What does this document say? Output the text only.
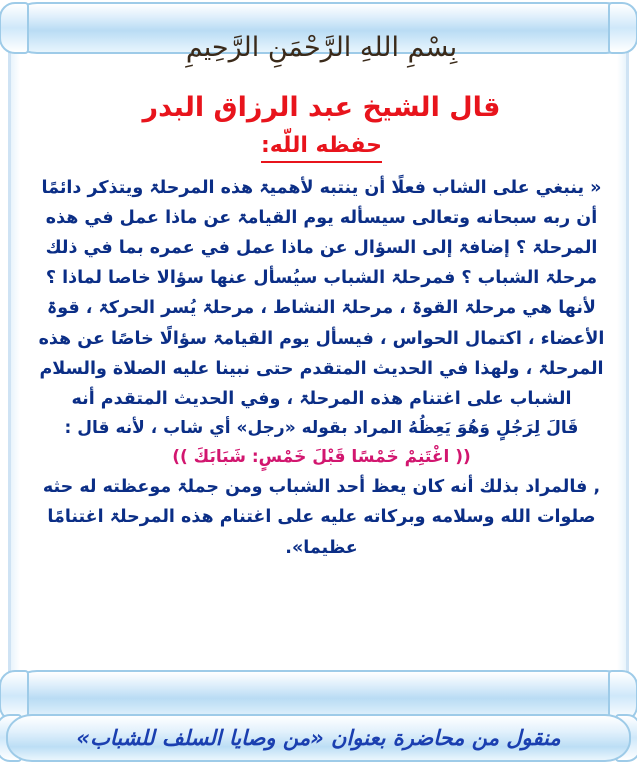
بِسْمِ اللهِ الرَّحْمَنِ الرَّحِيمِ
قال الشيخ عبد الرزاق البدر
حفظه اللّه:

« ينبغي على الشاب فعلًا أن ينتبه لأهميۃ هذه المرحلۃ ويتذكر دائمًا أن ربه سبحانه وتعالى سيسأله يوم القيامۃ عن ماذا عمل في هذه المرحلۃ ؟ إضافۃ إلى السؤال عن ماذا عمل في عمره بما في ذلك مرحلۃ الشباب ؟ فمرحلۃ الشباب سيُسأل عنها سؤالا خاصا لماذا ؟ لأنها هي مرحلۃ القوۃ ، مرحلۃ النشاط ، مرحلۃ يُسر الحركۃ ، قوۃ الأعضاء ، اكتمال الحواس ، فيسأل يوم القيامۃ سؤالًا خاصًا عن هذه المرحلۃ ، ولهذا في الحديث المتقدم حتى نبينا عليه الصلاة والسلام الشباب على اغتنام هذه المرحلۃ ، وفي الحديث المتقدم أنه

قَالَ لِرَجُلٍ وَهُوَ يَعِظُهُ المراد بقوله «رجل» أي شاب ، لأنه قال :

(( اغْتَنِمْ خَمْسًا قَبْلَ خَمْسٍ: شَبَابَكَ ))

, فالمراد بذلك أنه كان يعظ أحد الشباب ومن جملۃ موعظته له حثه صلوات الله وسلامه وبركاته عليه على اغتنام هذه المرحلۃ اغتنامًا عظيما».

منقول من محاضرة بعنوان «من وصايا السلف للشباب»
